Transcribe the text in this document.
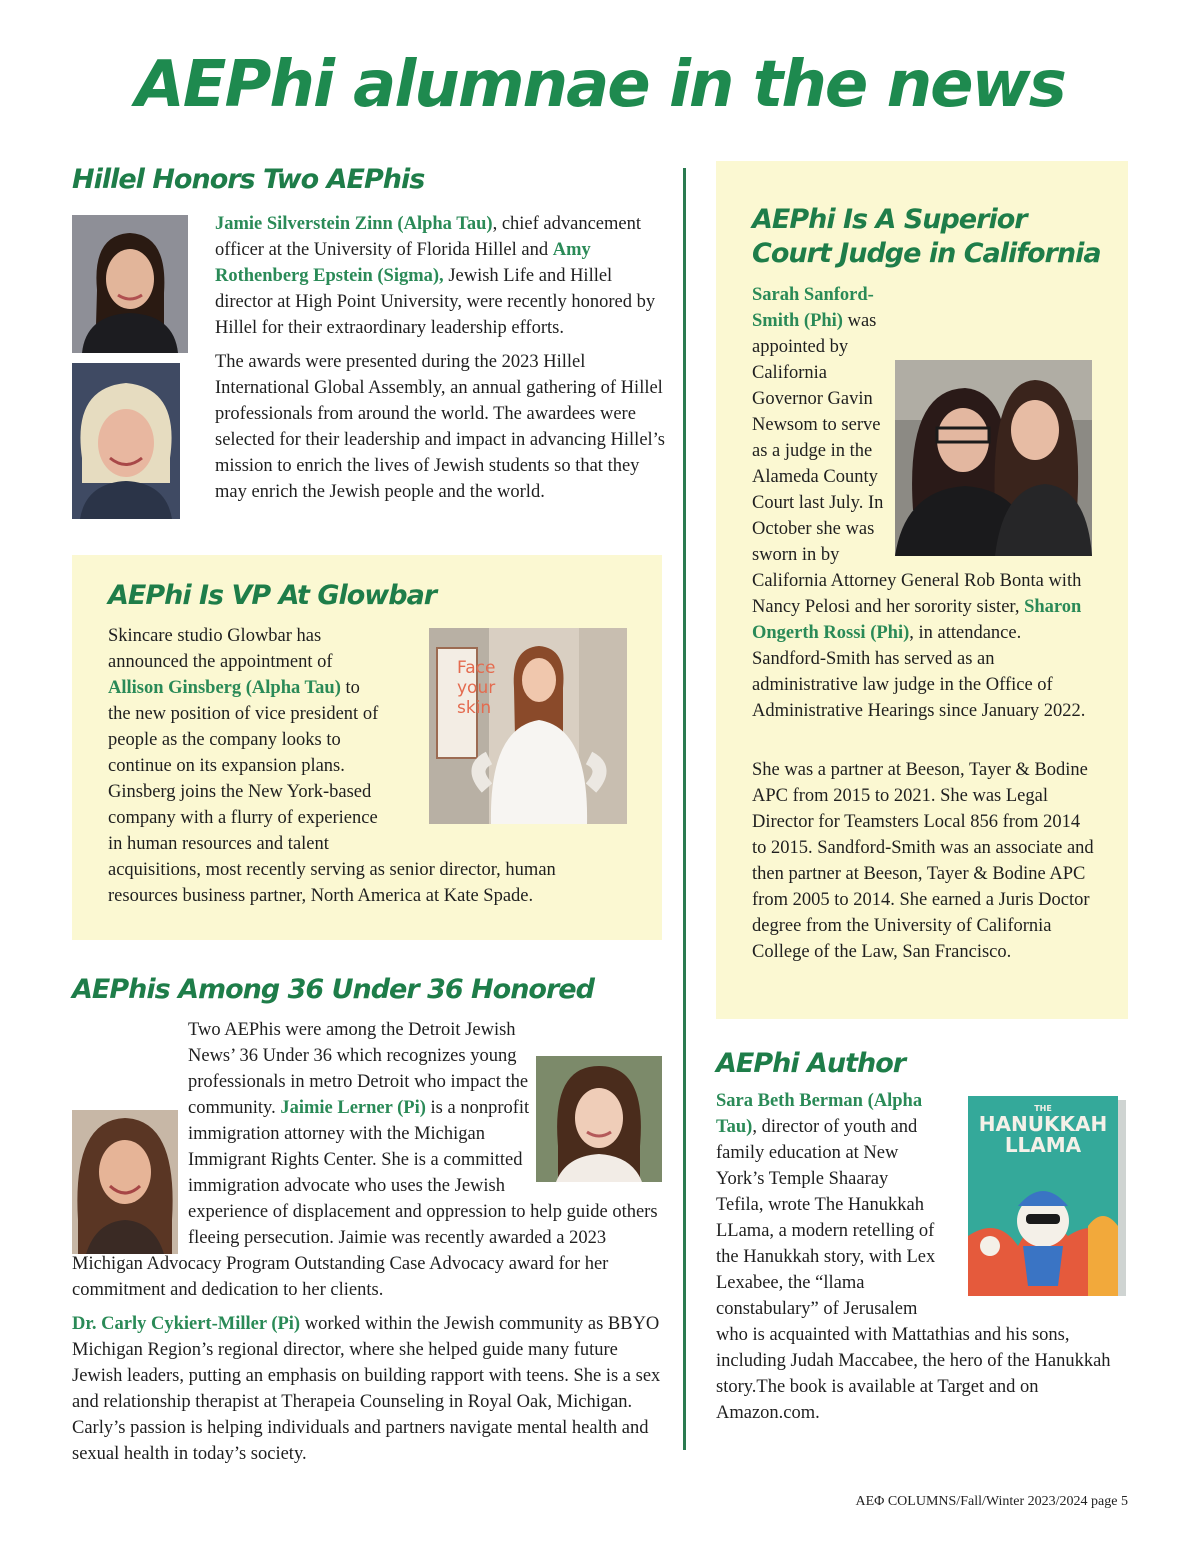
AEPhi alumnae in the news
Hillel Honors Two AEPhis

Jamie Silverstein Zinn (Alpha Tau), chief advancement officer at the University of Florida Hillel and Amy Rothenberg Epstein (Sigma), Jewish Life and Hillel director at High Point University, were recently honored by Hillel for their extraordinary leadership efforts.

The awards were presented during the 2023 Hillel International Global Assembly, an annual gathering of Hillel professionals from around the world. The awardees were selected for their leadership and impact in advancing Hillel’s mission to enrich the lives of Jewish students so that they may enrich the Jewish people and the world.

AEPhi Is VP At Glowbar
Face your skin

Skincare studio Glowbar has announced the appointment of Allison Ginsberg (Alpha Tau) to the new position of vice president of people as the company looks to continue on its expansion plans. Ginsberg joins the New York-based company with a flurry of experience in human resources and talent acquisitions, most recently serving as senior director, human resources business partner, North America at Kate Spade.

AEPhis Among 36 Under 36 Honored

Two AEPhis were among the Detroit Jewish News’ 36 Under 36 which recognizes young professionals in metro Detroit who impact the community. Jaimie Lerner (Pi) is a nonprofit immigration attorney with the Michigan Immigrant Rights Center. She is a committed immigration advocate who uses the Jewish experience of displacement and oppression to help guide others fleeing persecution. Jaimie was recently awarded a 2023 Michigan Advocacy Program Outstanding Case Advocacy award for her commitment and dedication to her clients.

Dr. Carly Cykiert-Miller (Pi) worked within the Jewish community as BBYO Michigan Region’s regional director, where she helped guide many future Jewish leaders, putting an emphasis on building rapport with teens. She is a sex and relationship therapist at Therapeia Counseling in Royal Oak, Michigan. Carly’s passion is helping individuals and partners navigate mental health and sexual health in today’s society.

AEPhi Is A Superior Court Judge in California

Sarah Sanford-Smith (Phi) was appointed by California Governor Gavin Newsom to serve as a judge in the Alameda County Court last July. In October she was sworn in by California Attorney General Rob Bonta with Nancy Pelosi and her sorority sister, Sharon Ongerth Rossi (Phi), in attendance. Sandford-Smith has served as an administrative law judge in the Office of Administrative Hearings since January 2022.

She was a partner at Beeson, Tayer & Bodine APC from 2015 to 2021. She was Legal Director for Teamsters Local 856 from 2014 to 2015. Sandford-Smith was an associate and then partner at Beeson, Tayer & Bodine APC from 2005 to 2014. She earned a Juris Doctor degree from the University of California College of the Law, San Francisco.

AEPhi Author
THE
HANUKKAH LLAMA

Sara Beth Berman (Alpha Tau), director of youth and family education at New York’s Temple Shaaray Tefila, wrote The Hanukkah LLama, a modern retelling of the Hanukkah story, with Lex Lexabee, the “llama constabulary” of Jerusalem who is acquainted with Mattathias and his sons, including Judah Maccabee, the hero of the Hanukkah story.The book is available at Target and on Amazon.com.

AEΦ COLUMNS/Fall/Winter 2023/2024 page 5
